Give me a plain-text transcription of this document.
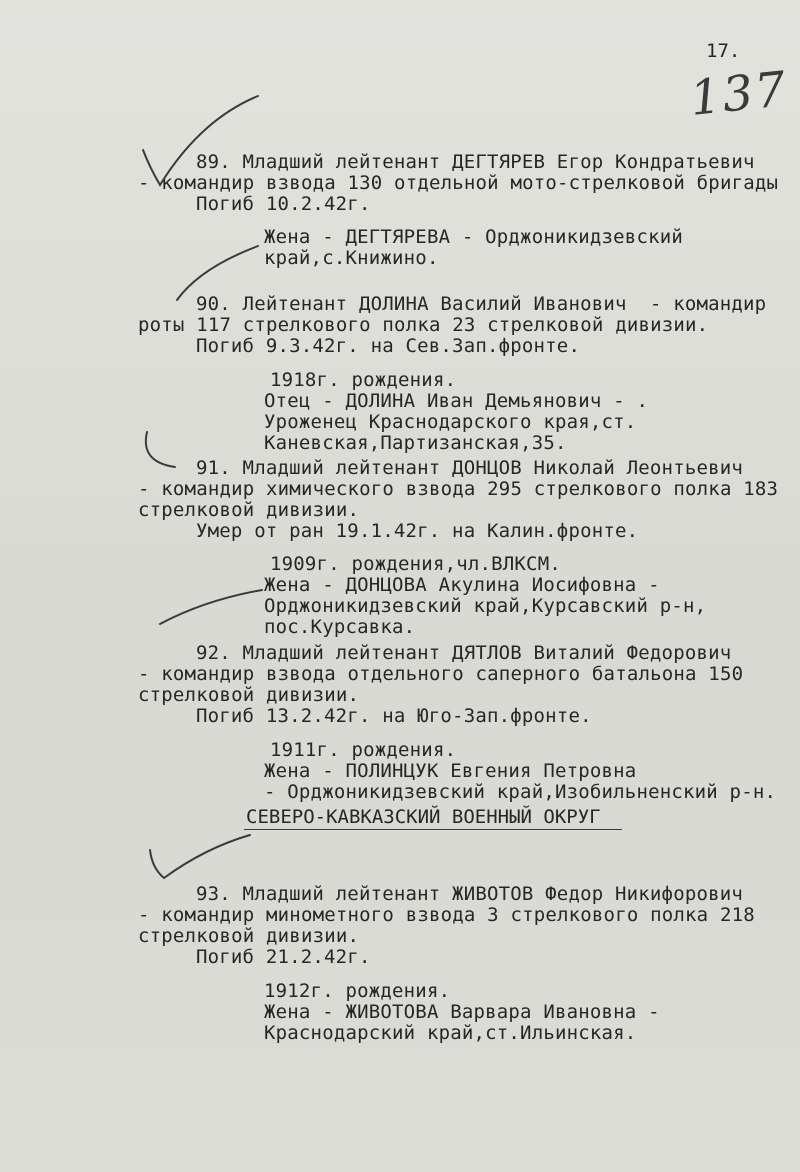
17.
137
89. Младший лейтенант ДЕГТЯРЕВ Егор Кондратьевич
- командир взвода 130 отдельной мото-стрелковой бригады
Погиб 10.2.42г.
Жена - ДЕГТЯРЕВА - Орджоникидзевский
край,с.Книжино.
90. Лейтенант ДОЛИНА Василий Иванович  - командир
роты 117 стрелкового полка 23 стрелковой дивизии.
Погиб 9.3.42г. на Сев.Зап.фронте.
1918г. рождения.
Отец - ДОЛИНА Иван Демьянович - .
Уроженец Краснодарского края,ст.
Каневская,Партизанская,35.
91. Младший лейтенант ДОНЦОВ Николай Леонтьевич
- командир химического взвода 295 стрелкового полка 183
стрелковой дивизии.
Умер от ран 19.1.42г. на Калин.фронте.
1909г. рождения,чл.ВЛКСМ.
Жена - ДОНЦОВА Акулина Иосифовна -
Орджоникидзевский край,Курсавский р-н,
пос.Курсавка.
92. Младший лейтенант ДЯТЛОВ Виталий Федорович
- командир взвода отдельного саперного батальона 150
стрелковой дивизии.
Погиб 13.2.42г. на Юго-Зап.фронте.
1911г. рождения.
Жена - ПОЛИНЦУК Евгения Петровна
- Орджоникидзевский край,Изобильненский р-н.
СЕВЕРО-КАВКАЗСКИЙ ВОЕННЫЙ ОКРУГ
93. Младший лейтенант ЖИВОТОВ Федор Никифорович
- командир минометного взвода 3 стрелкового полка 218
стрелковой дивизии.
Погиб 21.2.42г.
1912г. рождения.
Жена - ЖИВОТОВА Варвара Ивановна -
Краснодарский край,ст.Ильинская.
